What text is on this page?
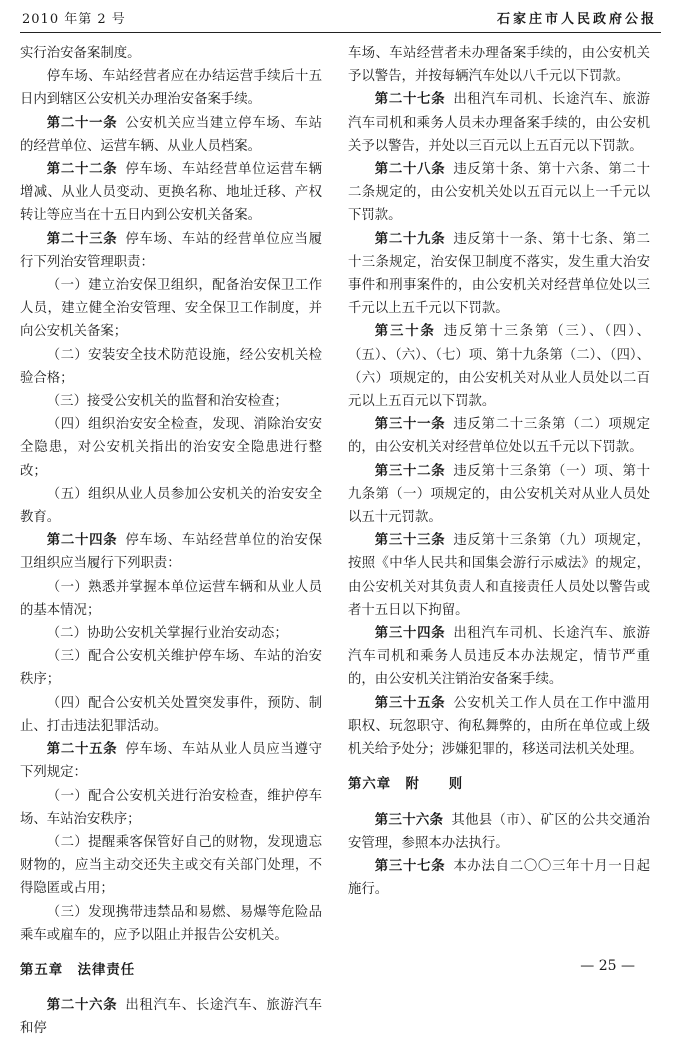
2010 年第 2 号	石家庄市人民政府公报

实行治安备案制度。

停车场、车站经营者应在办结运营手续后十五日内到辖区公安机关办理治安备案手续。

第二十一条 公安机关应当建立停车场、车站的经营单位、运营车辆、从业人员档案。

第二十二条 停车场、车站经营单位运营车辆增减、从业人员变动、更换名称、地址迁移、产权转让等应当在十五日内到公安机关备案。

第二十三条 停车场、车站的经营单位应当履行下列治安管理职责：

（一）建立治安保卫组织，配备治安保卫工作人员，建立健全治安管理、安全保卫工作制度，并向公安机关备案；

（二）安装安全技术防范设施，经公安机关检验合格；

（三）接受公安机关的监督和治安检查；

（四）组织治安安全检查，发现、消除治安安全隐患，对公安机关指出的治安安全隐患进行整改；

（五）组织从业人员参加公安机关的治安安全教育。

第二十四条 停车场、车站经营单位的治安保卫组织应当履行下列职责：

（一）熟悉并掌握本单位运营车辆和从业人员的基本情况；

（二）协助公安机关掌握行业治安动态；

（三）配合公安机关维护停车场、车站的治安秩序；

（四）配合公安机关处置突发事件，预防、制止、打击违法犯罪活动。

第二十五条 停车场、车站从业人员应当遵守下列规定：

（一）配合公安机关进行治安检查，维护停车场、车站治安秩序；

（二）提醒乘客保管好自己的财物，发现遗忘财物的，应当主动交还失主或交有关部门处理，不得隐匿或占用；

（三）发现携带违禁品和易燃、易爆等危险品乘车或雇车的，应予以阻止并报告公安机关。

第五章　法律责任

第二十六条 出租汽车、长途汽车、旅游汽车和停

车场、车站经营者未办理备案手续的，由公安机关予以警告，并按每辆汽车处以八千元以下罚款。

第二十七条 出租汽车司机、长途汽车、旅游汽车司机和乘务人员未办理备案手续的，由公安机关予以警告，并处以三百元以上五百元以下罚款。

第二十八条 违反第十条、第十六条、第二十二条规定的，由公安机关处以五百元以上一千元以下罚款。

第二十九条 违反第十一条、第十七条、第二十三条规定，治安保卫制度不落实，发生重大治安事件和刑事案件的，由公安机关对经营单位处以三千元以上五千元以下罚款。

第三十条 违反第十三条第（三）、（四）、（五）、（六）、（七）项、第十九条第（二）、（四）、（六）项规定的，由公安机关对从业人员处以二百元以上五百元以下罚款。

第三十一条 违反第二十三条第（二）项规定的，由公安机关对经营单位处以五千元以下罚款。

第三十二条 违反第十三条第（一）项、第十九条第（一）项规定的，由公安机关对从业人员处以五十元罚款。

第三十三条 违反第十三条第（九）项规定，按照《中华人民共和国集会游行示威法》的规定，由公安机关对其负责人和直接责任人员处以警告或者十五日以下拘留。

第三十四条 出租汽车司机、长途汽车、旅游汽车司机和乘务人员违反本办法规定，情节严重的，由公安机关注销治安备案手续。

第三十五条 公安机关工作人员在工作中滥用职权、玩忽职守、徇私舞弊的，由所在单位或上级机关给予处分；涉嫌犯罪的，移送司法机关处理。

第六章　附　　则

第三十六条 其他县（市）、矿区的公共交通治安管理，参照本办法执行。

第三十七条 本办法自二〇〇三年十月一日起施行。

— 25 —
